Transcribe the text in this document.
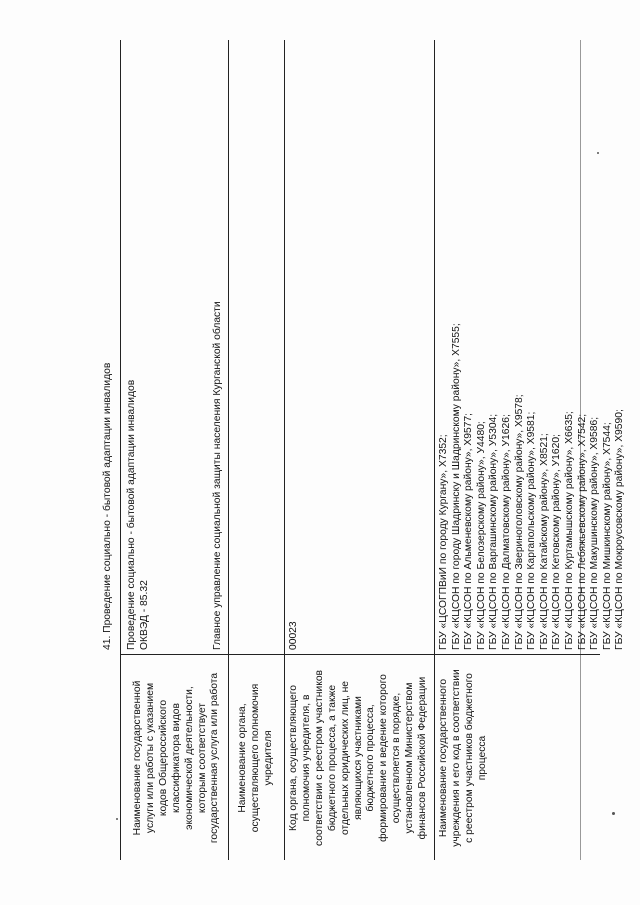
Наименование государственной услуги или работы с указанием кодов Общероссийского классификатора видов экономической деятельности, которым соответствует государственная услуга или работа
41. Проведение социально - бытовой адаптации инвалидов Проведение социально - бытовой адаптации инвалидов ОКВЭД - 85.32
Наименование органа, осуществляющего полномочия учредителя
Главное управление социальной защиты населения Курганской области
Код органа, осуществляющего полномочия учредителя, в соответствии с реестром участников бюджетного процесса, а также отдельных юридических лиц, не являющихся участниками бюджетного процесса, формирование и ведение которого осуществляется в порядке, установленном Министерством финансов Российской Федерации
00023
Наименование государственного учреждения и его код в соответствии с реестром участников бюджетного процесса
ГБУ «ЦСОГПВиИ по городу Кургану», Х7352; ГБУ «КЦСОН по городу Шадринску и Шадринскому району», Х7555; ГБУ «КЦСОН по Альменевскому району», Х9577; ГБУ «КЦСОН по Белозерскому району», У4480; ГБУ «КЦСОН по Варгашинскому району», У5304; ГБУ «КЦСОН по Далматовскому району», У1626; ГБУ «КЦСОН по Звериноголовскому району», Х9578; ГБУ «КЦСОН по Каргапольскому району», Х9581; ГБУ «КЦСОН по Катайскому району», Х8521; ГБУ «КЦСОН по Кетовскому району», У1620; ГБУ «КЦСОН по Куртамышскому району», Х6635; ГБУ «КЦСОН по Лебяжьевскому району», Х7542; ГБУ «КЦСОН по Макушинскому району», Х9586; ГБУ «КЦСОН по Мишкинскому району», Х7544; ГБУ «КЦСОН по Мокроусовскому району», Х9590;
